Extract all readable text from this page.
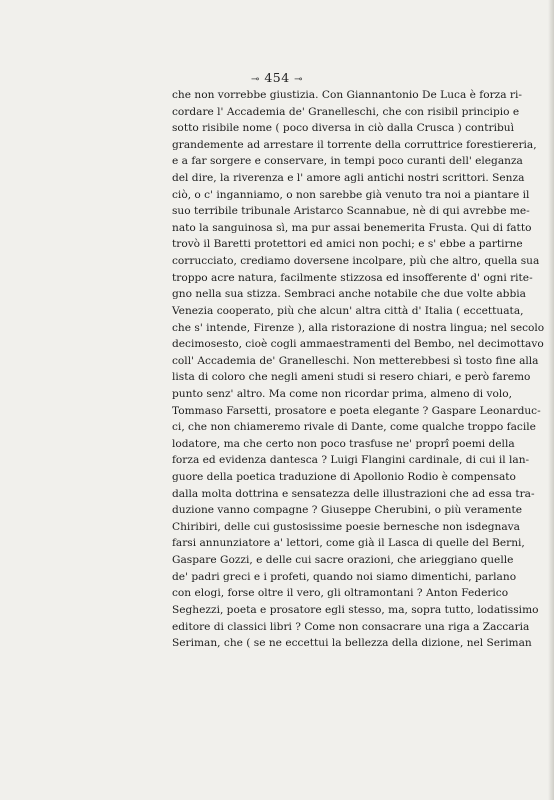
⊸ 454 ⊸
che non vorrebbe giustizia. Con Giannantonio De Luca è forza ri-
cordare l' Accademia de' Granelleschi, che con risibil principio e
sotto risibile nome ( poco diversa in ciò dalla Crusca ) contribuì
grandemente ad arrestare il torrente della corruttrice forestiereria,
e a far sorgere e conservare, in tempi poco curanti dell' eleganza
del dire, la riverenza e l' amore agli antichi nostri scrittori. Senza
ciò, o c' inganniamo, o non sarebbe già venuto tra noi a piantare il
suo terribile tribunale Aristarco Scannabue, nè di qui avrebbe me-
nato la sanguinosa sì, ma pur assai benemerita Frusta. Qui di fatto
trovò il Baretti protettori ed amici non pochi; e s' ebbe a partirne
corrucciato, crediamo doversene incolpare, più che altro, quella sua
troppo acre natura, facilmente stizzosa ed insofferente d' ogni rite-
gno nella sua stizza. Sembraci anche notabile che due volte abbia
Venezia cooperato, più che alcun' altra città d' Italia ( eccettuata,
che s' intende, Firenze ), alla ristorazione di nostra lingua; nel secolo
decimosesto, cioè cogli ammaestramenti del Bembo, nel decimottavo
coll' Accademia de' Granelleschi. Non metterebbesi sì tosto fine alla
lista di coloro che negli ameni studi si resero chiari, e però faremo
punto senz' altro. Ma come non ricordar prima, almeno di volo,
Tommaso Farsetti, prosatore e poeta elegante ? Gaspare Leonarduc-
ci, che non chiameremo rivale di Dante, come qualche troppo facile
lodatore, ma che certo non poco trasfuse ne' proprî poemi della
forza ed evidenza dantesca ? Luigi Flangini cardinale, di cui il lan-
guore della poetica traduzione di Apollonio Rodio è compensato
dalla molta dottrina e sensatezza delle illustrazioni che ad essa tra-
duzione vanno compagne ? Giuseppe Cherubini, o più veramente
Chiribiri, delle cui gustosissime poesie bernesche non isdegnava
farsi annunziatore a' lettori, come già il Lasca di quelle del Berni,
Gaspare Gozzi, e delle cui sacre orazioni, che arieggiano quelle
de' padri greci e i profeti, quando noi siamo dimentichi, parlano
con elogi, forse oltre il vero, gli oltramontani ? Anton Federico
Seghezzi, poeta e prosatore egli stesso, ma, sopra tutto, lodatissimo
editore di classici libri ? Come non consacrare una riga a Zaccaria
Seriman, che ( se ne eccettui la bellezza della dizione, nel Seriman
